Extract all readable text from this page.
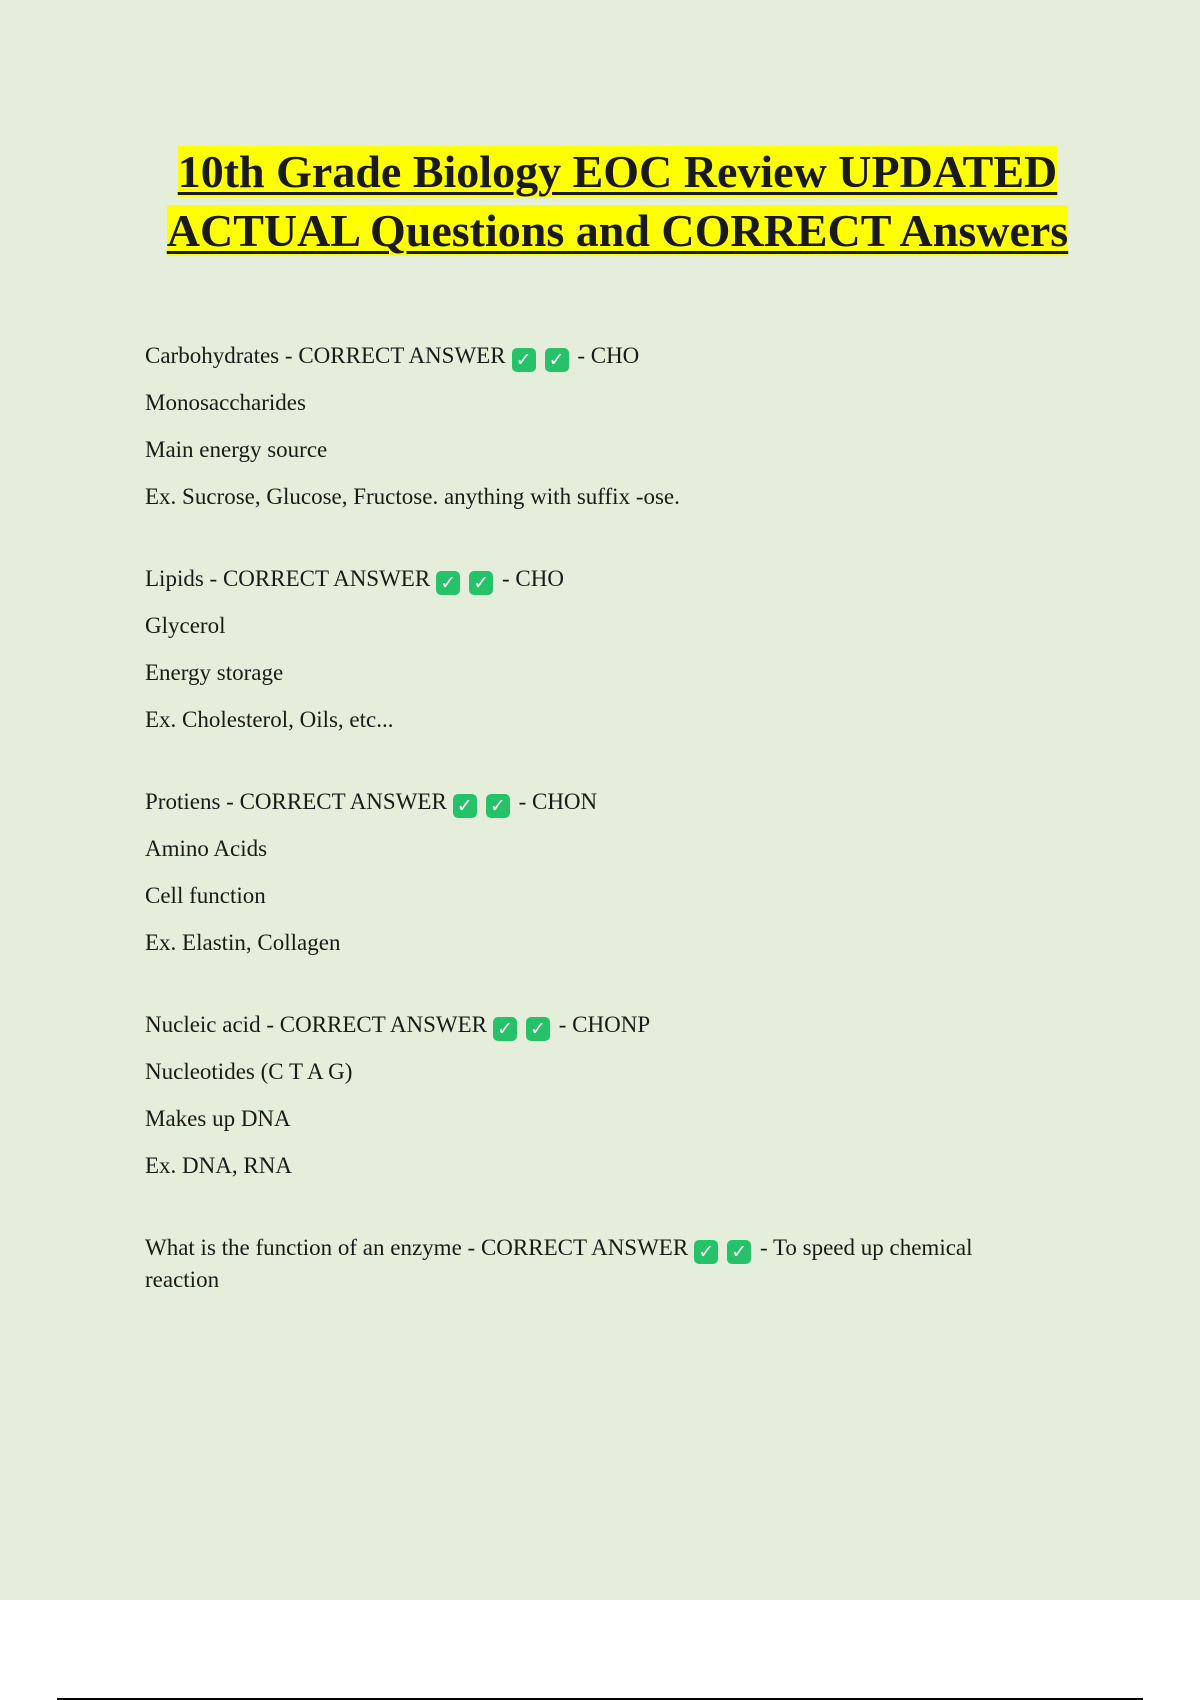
10th Grade Biology EOC Review UPDATED ACTUAL Questions and CORRECT Answers
Carbohydrates - CORRECT ANSWER ✓ ✓ - CHO
Monosaccharides
Main energy source
Ex. Sucrose, Glucose, Fructose. anything with suffix -ose.
Lipids - CORRECT ANSWER ✓ ✓ - CHO
Glycerol
Energy storage
Ex. Cholesterol, Oils, etc...
Protiens - CORRECT ANSWER ✓ ✓ - CHON
Amino Acids
Cell function
Ex. Elastin, Collagen
Nucleic acid - CORRECT ANSWER ✓ ✓ - CHONP
Nucleotides (C T A G)
Makes up DNA
Ex. DNA, RNA
What is the function of an enzyme - CORRECT ANSWER ✓ ✓ - To speed up chemical reaction
